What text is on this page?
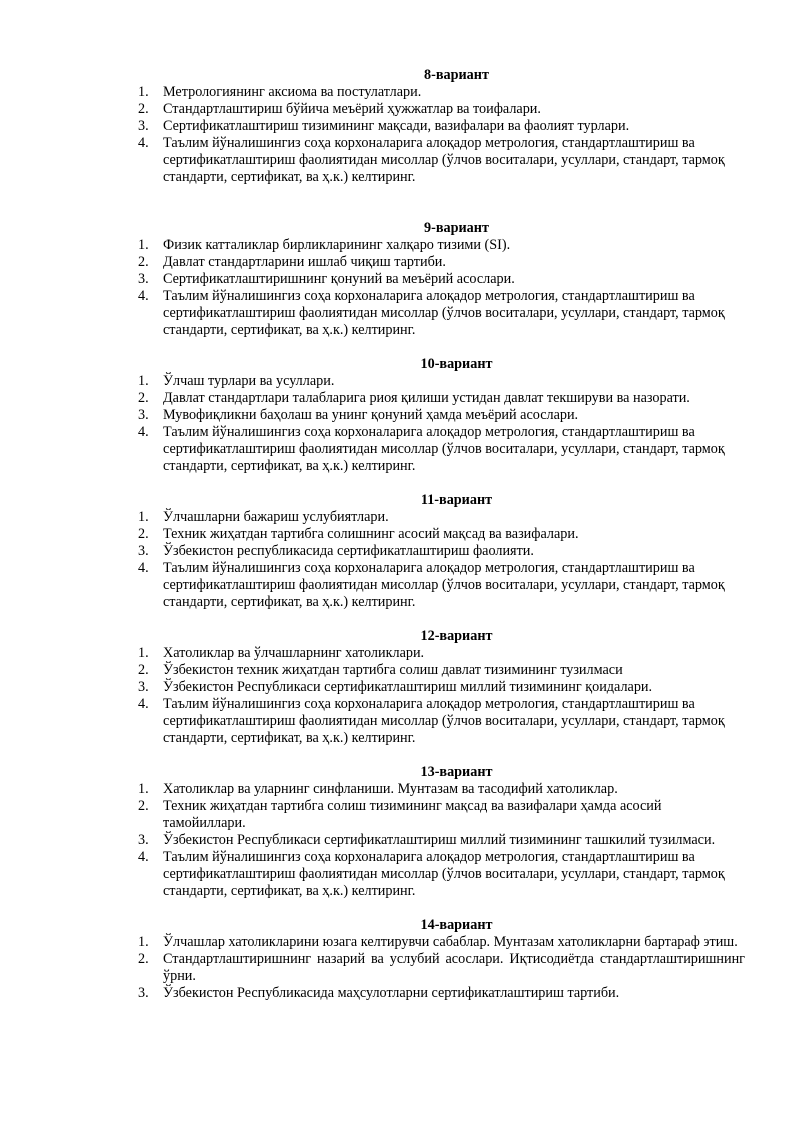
8-вариант
1. Метрологиянинг аксиома ва постулатлари.
2. Стандартлаштириш бўйича меъёрий ҳужжатлар ва тоифалари.
3. Сертификатлаштириш тизимининг мақсади, вазифалари ва фаолият турлари.
4. Таълим йўналишингиз соҳа корхоналарига алоқадор метрология, стандартлаштириш ва сертификатлаштириш фаолиятидан мисоллар (ўлчов воситалари, усуллари, стандарт, тармоқ стандарти, сертификат, ва ҳ.к.) келтиринг.
9-вариант
1. Физик катталиклар бирликларининг халқаро тизими (SI).
2. Давлат стандартларини ишлаб чиқиш тартиби.
3. Сертификатлаштиришнинг қонуний ва меъёрий асослари.
4. Таълим йўналишингиз соҳа корхоналарига алоқадор метрология, стандартлаштириш ва сертификатлаштириш фаолиятидан мисоллар (ўлчов воситалари, усуллари, стандарт, тармоқ стандарти, сертификат, ва ҳ.к.) келтиринг.
10-вариант
1. Ўлчаш турлари ва усуллари.
2. Давлат стандартлари талабларига риоя қилиши устидан давлат текшируви ва назорати.
3. Мувофиқликни баҳолаш ва унинг қонуний ҳамда меъёрий асослари.
4. Таълим йўналишингиз соҳа корхоналарига алоқадор метрология, стандартлаштириш ва сертификатлаштириш фаолиятидан мисоллар (ўлчов воситалари, усуллари, стандарт, тармоқ стандарти, сертификат, ва ҳ.к.) келтиринг.
11-вариант
1. Ўлчашларни бажариш услубиятлари.
2. Техник жиҳатдан тартибга солишнинг асосий мақсад ва вазифалари.
3. Ўзбекистон республикасида сертификатлаштириш фаолияти.
4. Таълим йўналишингиз соҳа корхоналарига алоқадор метрология, стандартлаштириш ва сертификатлаштириш фаолиятидан мисоллар (ўлчов воситалари, усуллари, стандарт, тармоқ стандарти, сертификат, ва ҳ.к.) келтиринг.
12-вариант
1. Хатоликлар ва ўлчашларнинг хатоликлари.
2. Ўзбекистон техник жиҳатдан тартибга солиш давлат тизимининг тузилмаси
3. Ўзбекистон Республикаси сертификатлаштириш миллий тизимининг қоидалари.
4. Таълим йўналишингиз соҳа корхоналарига алоқадор метрология, стандартлаштириш ва сертификатлаштириш фаолиятидан мисоллар (ўлчов воситалари, усуллари, стандарт, тармоқ стандарти, сертификат, ва ҳ.к.) келтиринг.
13-вариант
1. Хатоликлар ва уларнинг синфланиши. Мунтазам ва тасодифий хатоликлар.
2. Техник жиҳатдан тартибга солиш тизимининг мақсад ва вазифалари ҳамда асосий тамойиллари.
3. Ўзбекистон Республикаси сертификатлаштириш миллий тизимининг ташкилий тузилмаси.
4. Таълим йўналишингиз соҳа корхоналарига алоқадор метрология, стандартлаштириш ва сертификатлаштириш фаолиятидан мисоллар (ўлчов воситалари, усуллари, стандарт, тармоқ стандарти, сертификат, ва ҳ.к.) келтиринг.
14-вариант
1. Ўлчашлар хатоликларини юзага келтирувчи сабаблар. Мунтазам хатоликларни бартараф этиш.
2. Стандартлаштиришнинг назарий ва услубий асослари. Иқтисодиётда стандартлаштиришнинг ўрни.
3. Ўзбекистон Республикасида маҳсулотларни сертификатлаштириш тартиби.
